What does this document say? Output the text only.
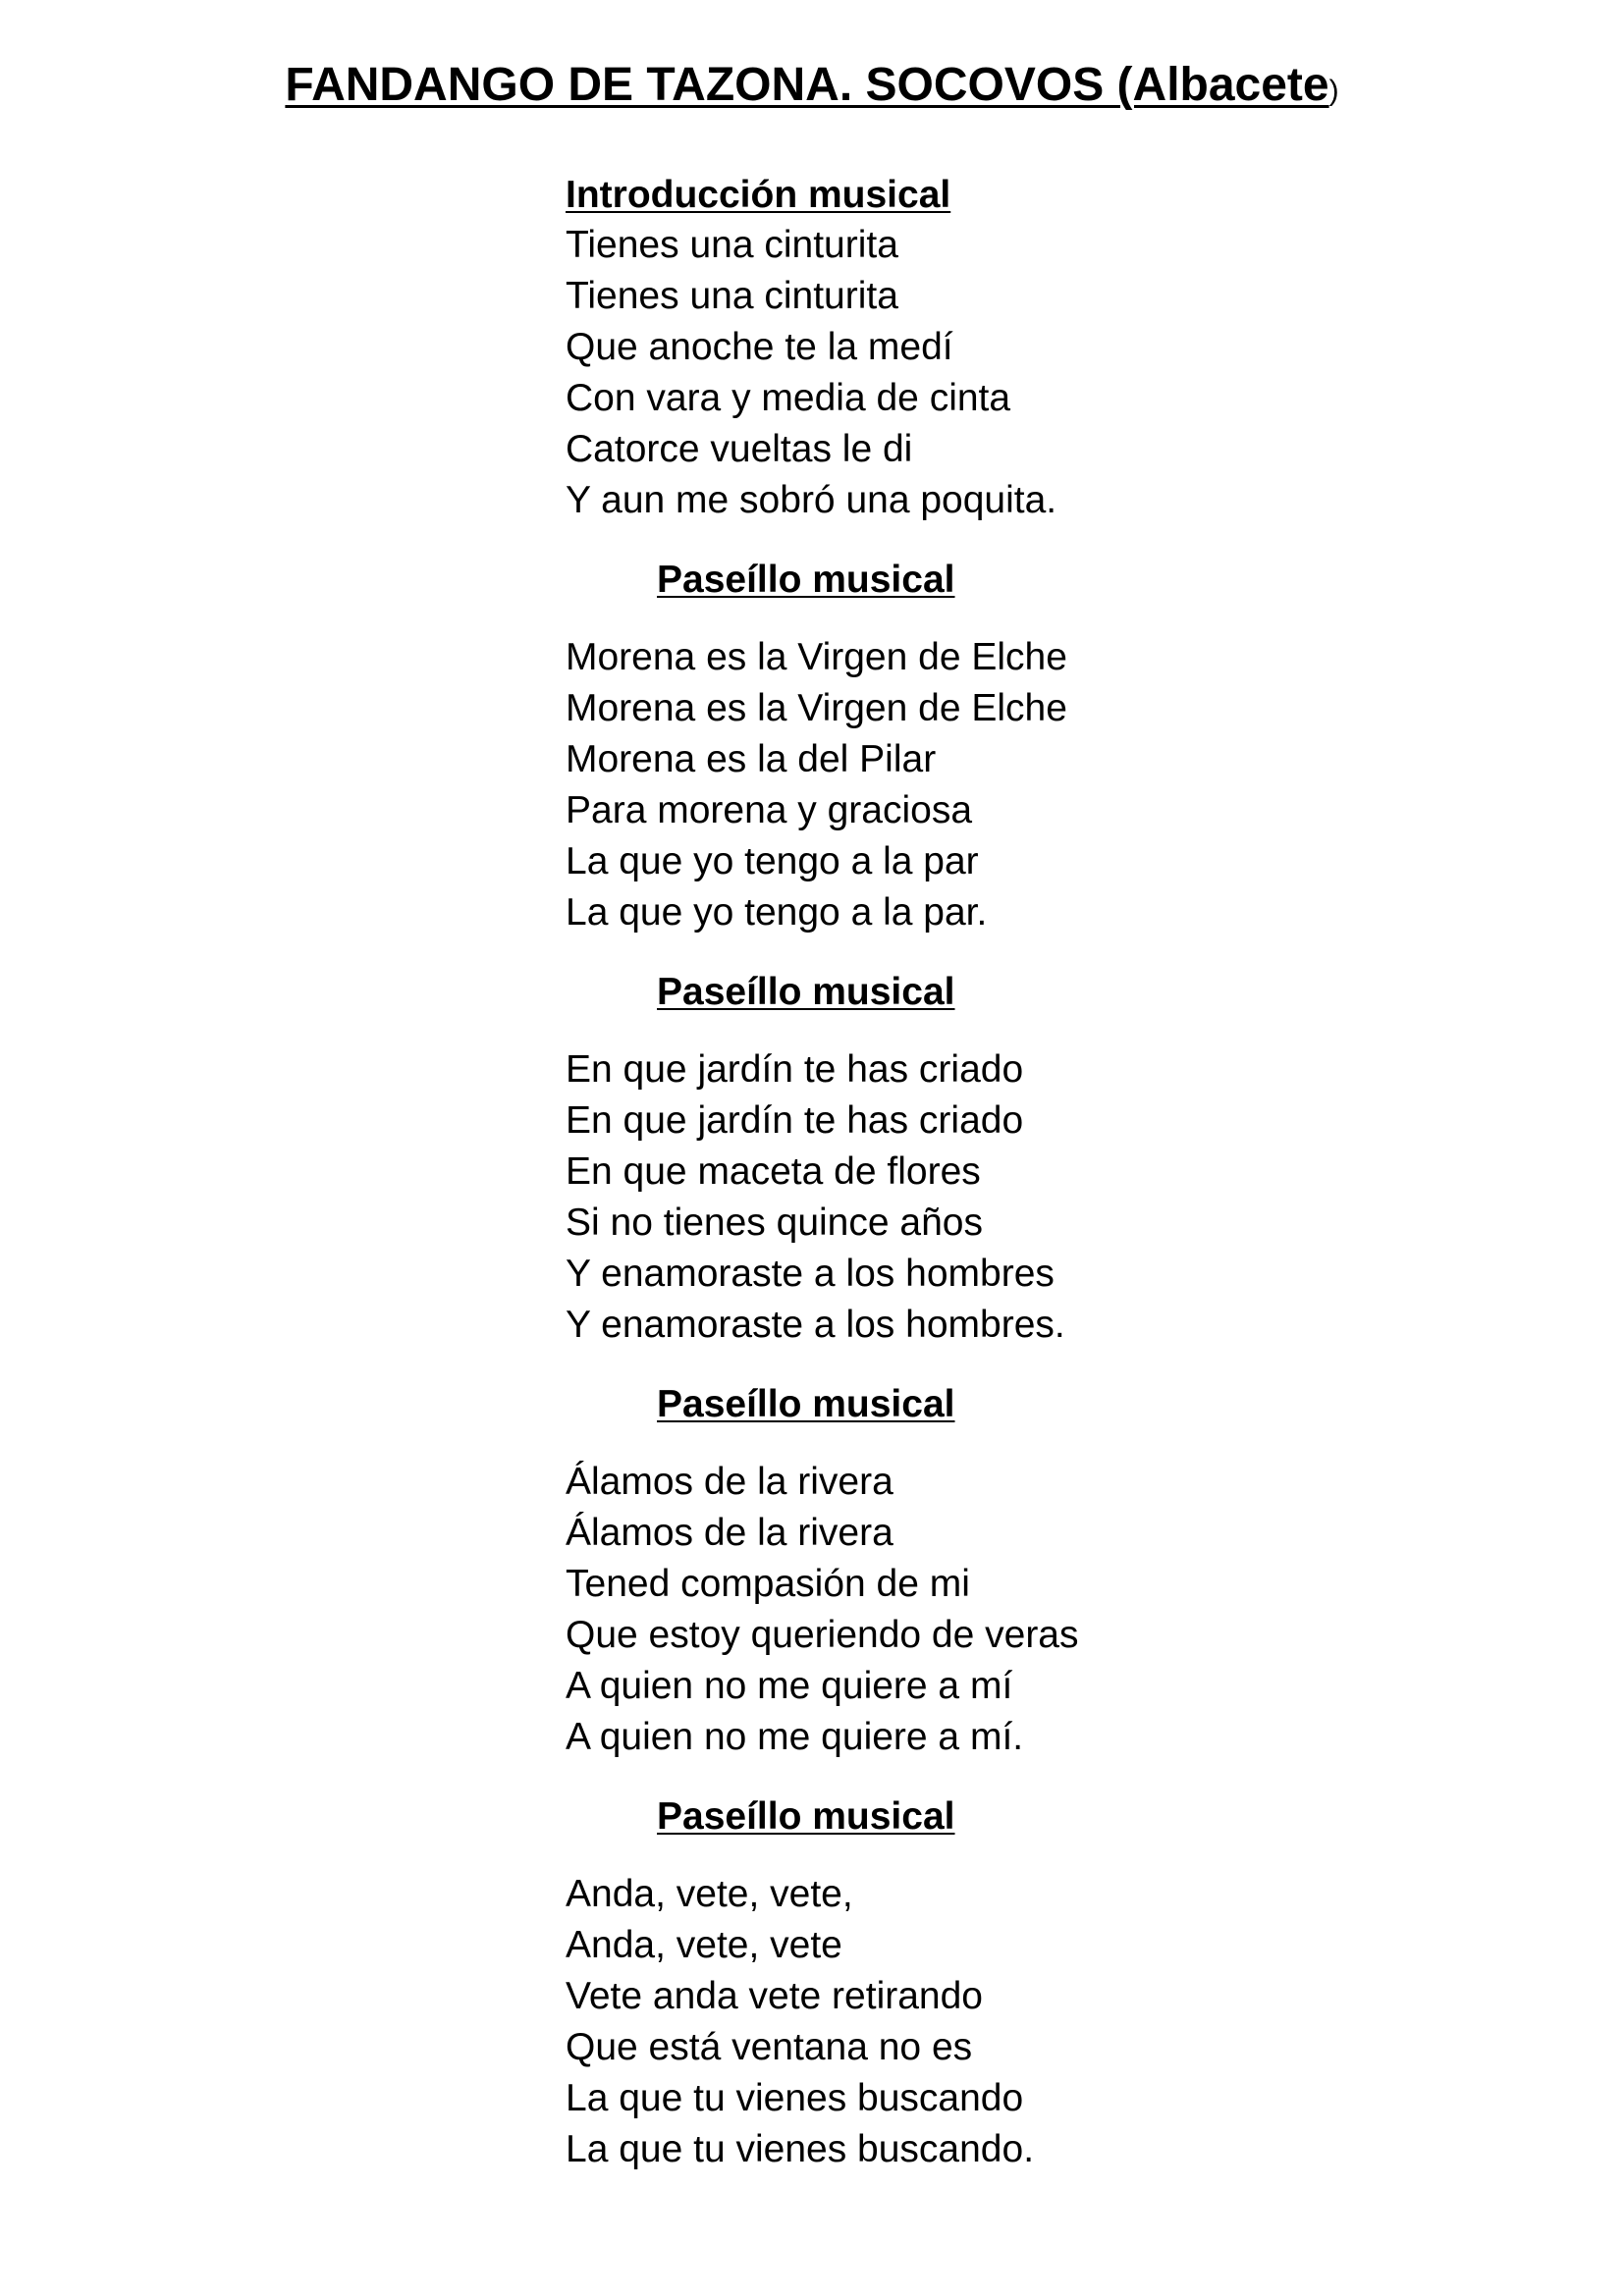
FANDANGO DE TAZONA. SOCOVOS (Albacete)
Introducción musical
Tienes una cinturita
Tienes una cinturita
Que anoche te la medí
Con vara y media de cinta
Catorce vueltas le di
Y aun me sobró una poquita.
Paseíllo musical
Morena es la Virgen de Elche
Morena es la Virgen de Elche
Morena es la del Pilar
Para morena y graciosa
La que yo tengo a la par
La que yo tengo a la par.
Paseíllo musical
En que jardín te has criado
En que jardín te has criado
En que maceta de flores
Si no tienes quince años
Y enamoraste a los hombres
Y enamoraste a los hombres.
Paseíllo musical
Álamos de la rivera
Álamos de la rivera
Tened compasión de mi
Que estoy queriendo de veras
A quien no me quiere a mí
A quien no me quiere a mí.
Paseíllo musical
Anda, vete, vete,
Anda, vete, vete
Vete anda vete retirando
Que está ventana no es
La que tu vienes buscando
La que tu vienes buscando.
